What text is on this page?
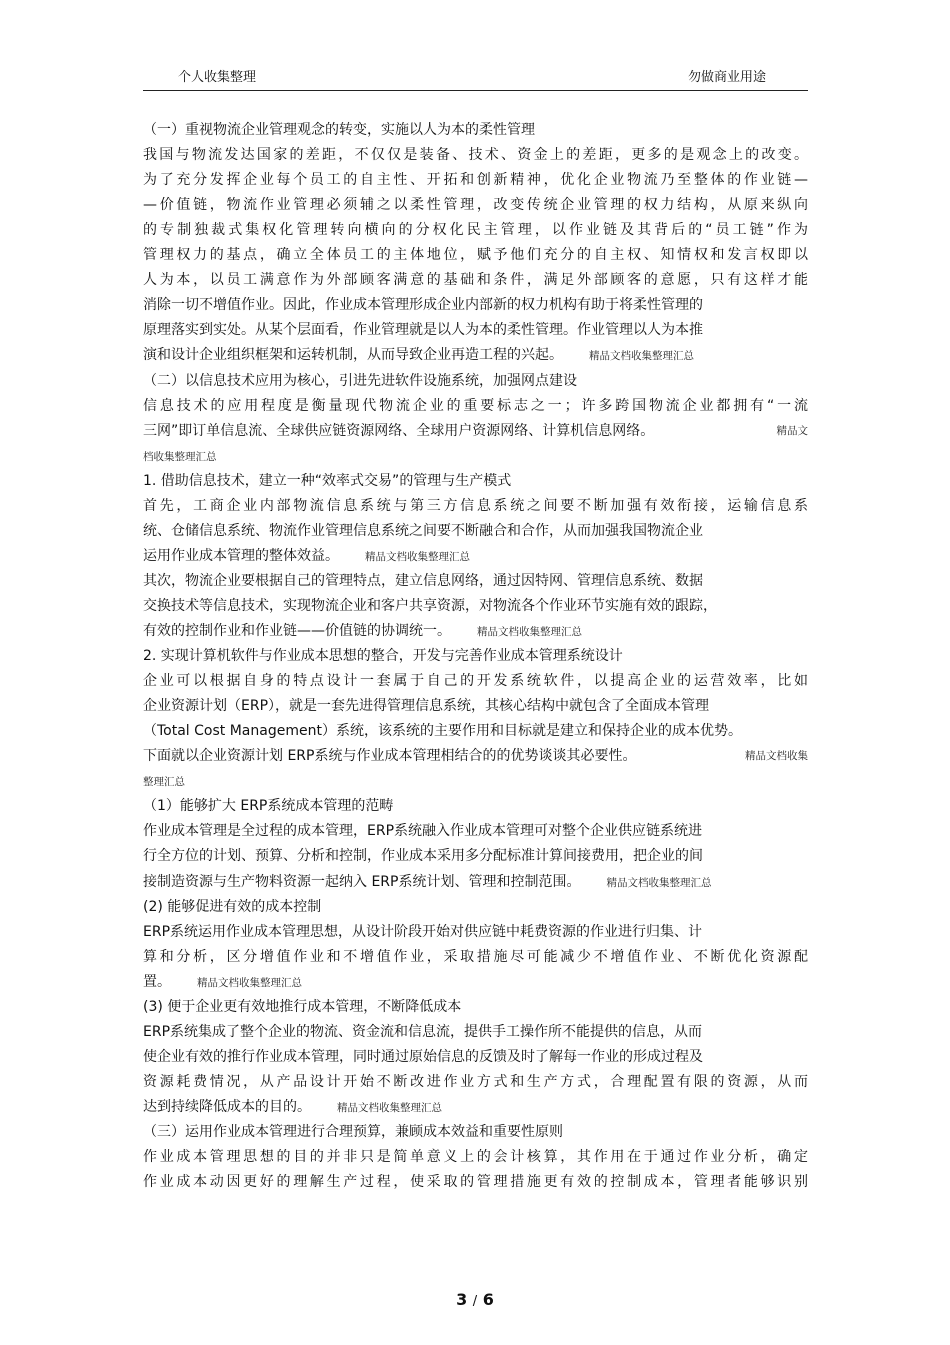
个人收集整理	勿做商业用途
（一）重视物流企业管理观念的转变，实施以人为本的柔性管理
我国与物流发达国家的差距，不仅仅是装备、技术、资金上的差距，更多的是观念上的改变。
为了充分发挥企业每个员工的自主性、开拓和创新精神，优化企业物流乃至整体的作业链—
—价值链，物流作业管理必须辅之以柔性管理，改变传统企业管理的权力结构，从原来纵向
的专制独裁式集权化管理转向横向的分权化民主管理，以作业链及其背后的“员工链”作为
管理权力的基点，确立全体员工的主体地位，赋予他们充分的自主权、知情权和发言权即以
人为本，以员工满意作为外部顾客满意的基础和条件，满足外部顾客的意愿，只有这样才能
消除一切不增值作业。因此，作业成本管理形成企业内部新的权力机构有助于将柔性管理的
原理落实到实处。从某个层面看，作业管理就是以人为本的柔性管理。作业管理以人为本推
演和设计企业组织框架和运转机制，从而导致企业再造工程的兴起。 精品文档收集整理汇总
（二）以信息技术应用为核心，引进先进软件设施系统，加强网点建设
信息技术的应用程度是衡量现代物流企业的重要标志之一；许多跨国物流企业都拥有“一流
三网”即订单信息流、全球供应链资源网络、全球用户资源网络、计算机信息网络。	精品文
档收集整理汇总
1. 借助信息技术，建立一种“效率式交易”的管理与生产模式
首先，工商企业内部物流信息系统与第三方信息系统之间要不断加强有效衔接，运输信息系
统、仓储信息系统、物流作业管理信息系统之间要不断融合和合作，从而加强我国物流企业
运用作业成本管理的整体效益。 精品文档收集整理汇总
其次，物流企业要根据自己的管理特点，建立信息网络，通过因特网、管理信息系统、数据
交换技术等信息技术，实现物流企业和客户共享资源，对物流各个作业环节实施有效的跟踪，
有效的控制作业和作业链——价值链的协调统一。 精品文档收集整理汇总
2. 实现计算机软件与作业成本思想的整合，开发与完善作业成本管理系统设计
企业可以根据自身的特点设计一套属于自己的开发系统软件，以提高企业的运营效率，比如
企业资源计划（ERP），就是一套先进得管理信息系统，其核心结构中就包含了全面成本管理
（Total Cost Management）系统，该系统的主要作用和目标就是建立和保持企业的成本优势。
下面就以企业资源计划 ERP系统与作业成本管理相结合的的优势谈谈其必要性。	精品文档收集
整理汇总
（1）能够扩大 ERP系统成本管理的范畴
作业成本管理是全过程的成本管理，ERP系统融入作业成本管理可对整个企业供应链系统进
行全方位的计划、预算、分析和控制，作业成本采用多分配标准计算间接费用，把企业的间
接制造资源与生产物料资源一起纳入 ERP系统计划、管理和控制范围。 精品文档收集整理汇总
(2) 能够促进有效的成本控制
ERP系统运用作业成本管理思想，从设计阶段开始对供应链中耗费资源的作业进行归集、计
算和分析，区分增值作业和不增值作业，采取措施尽可能减少不增值作业、不断优化资源配
置。 精品文档收集整理汇总
(3) 便于企业更有效地推行成本管理，不断降低成本
ERP系统集成了整个企业的物流、资金流和信息流，提供手工操作所不能提供的信息，从而
使企业有效的推行作业成本管理，同时通过原始信息的反馈及时了解每一作业的形成过程及
资源耗费情况，从产品设计开始不断改进作业方式和生产方式，合理配置有限的资源，从而
达到持续降低成本的目的。 精品文档收集整理汇总
（三）运用作业成本管理进行合理预算，兼顾成本效益和重要性原则
作业成本管理思想的目的并非只是简单意义上的会计核算，其作用在于通过作业分析，确定
作业成本动因更好的理解生产过程，使采取的管理措施更有效的控制成本，管理者能够识别
3 / 6
